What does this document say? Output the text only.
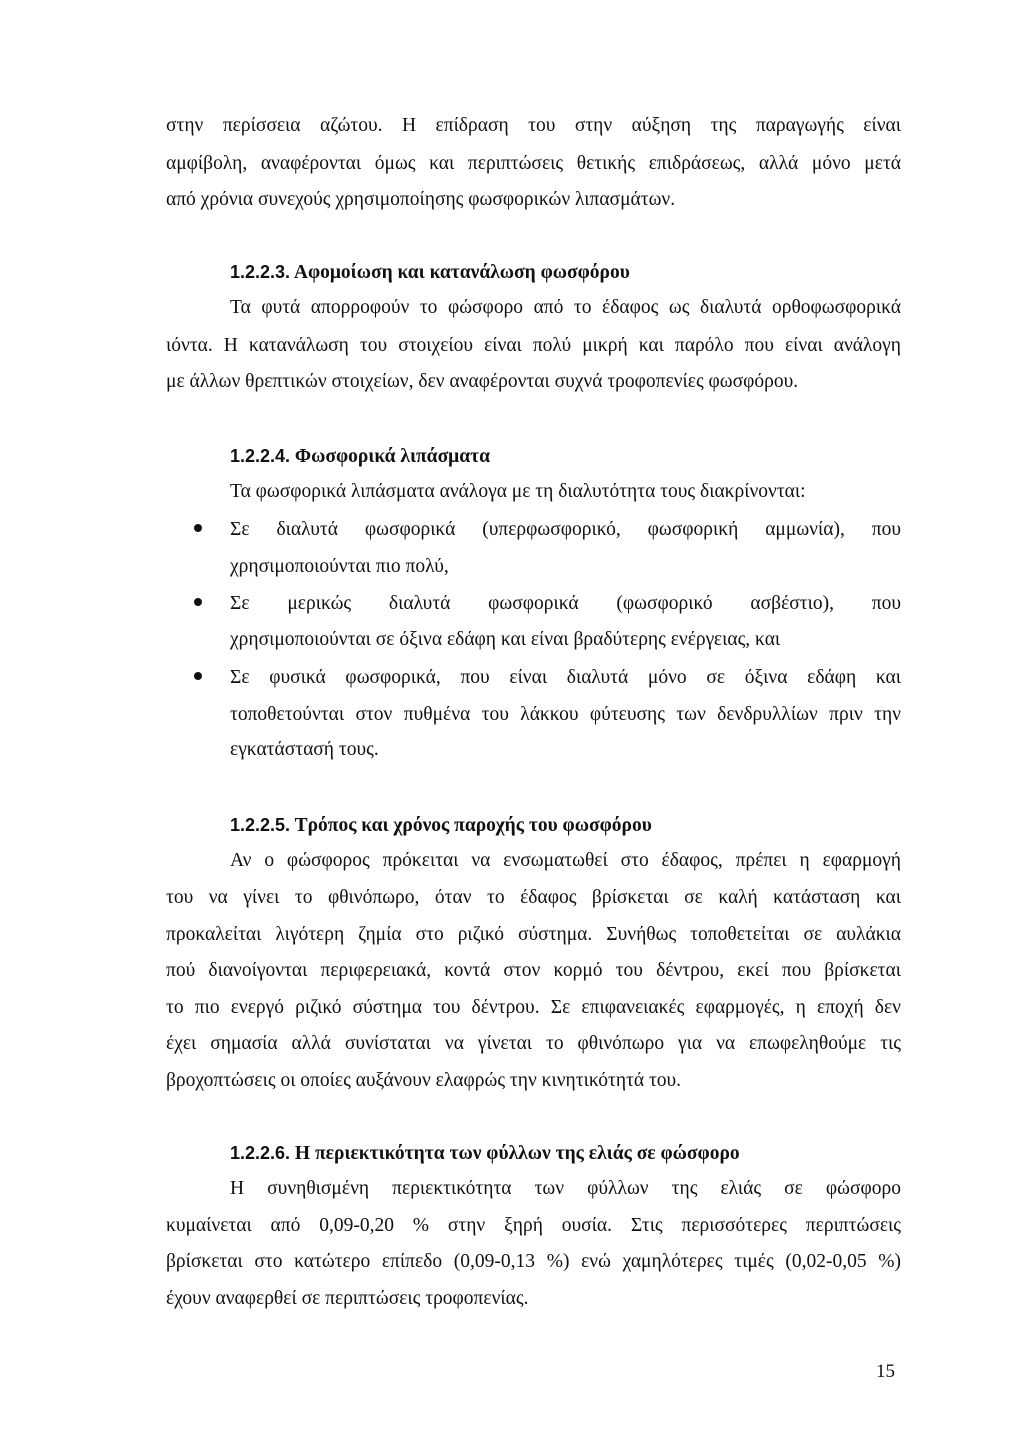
στην περίσσεια αζώτου. Η επίδραση του στην αύξηση της παραγωγής είναι
αμφίβολη, αναφέρονται όμως και περιπτώσεις θετικής επιδράσεως, αλλά μόνο μετά
από χρόνια συνεχούς χρησιμοποίησης φωσφορικών λιπασμάτων.
1.2.2.3. Αφομοίωση και κατανάλωση φωσφόρου
Τα φυτά απορροφούν το φώσφορο από το έδαφος ως διαλυτά ορθοφωσφορικά
ιόντα. Η κατανάλωση του στοιχείου είναι πολύ μικρή και παρόλο που είναι ανάλογη
με άλλων θρεπτικών στοιχείων, δεν αναφέρονται συχνά τροφοπενίες φωσφόρου.
1.2.2.4. Φωσφορικά λιπάσματα
Τα φωσφορικά λιπάσματα ανάλογα με τη διαλυτότητα τους διακρίνονται:
Σε διαλυτά φωσφορικά (υπερφωσφορικό, φωσφορική αμμωνία), που
χρησιμοποιούνται πιο πολύ,
Σε μερικώς διαλυτά φωσφορικά (φωσφορικό ασβέστιο), που
χρησιμοποιούνται σε όξινα εδάφη και είναι βραδύτερης ενέργειας, και
Σε φυσικά φωσφορικά, που είναι διαλυτά μόνο σε όξινα εδάφη και
τοποθετούνται στον πυθμένα του λάκκου φύτευσης των δενδρυλλίων πριν την
εγκατάστασή τους.
1.2.2.5. Τρόπος και χρόνος παροχής του φωσφόρου
Αν ο φώσφορος πρόκειται να ενσωματωθεί στο έδαφος, πρέπει η εφαρμογή
του να γίνει το φθινόπωρο, όταν το έδαφος βρίσκεται σε καλή κατάσταση και
προκαλείται λιγότερη ζημία στο ριζικό σύστημα. Συνήθως τοποθετείται σε αυλάκια
πού διανοίγονται περιφερειακά, κοντά στον κορμό του δέντρου, εκεί που βρίσκεται
το πιο ενεργό ριζικό σύστημα του δέντρου. Σε επιφανειακές εφαρμογές, η εποχή δεν
έχει σημασία αλλά συνίσταται να γίνεται το φθινόπωρο για να επωφεληθούμε τις
βροχοπτώσεις οι οποίες αυξάνουν ελαφρώς την κινητικότητά του.
1.2.2.6. Η περιεκτικότητα των φύλλων της ελιάς σε φώσφορο
Η συνηθισμένη περιεκτικότητα των φύλλων της ελιάς σε φώσφορο
κυμαίνεται από 0,09-0,20 % στην ξηρή ουσία. Στις περισσότερες περιπτώσεις
βρίσκεται στο κατώτερο επίπεδο (0,09-0,13 %) ενώ χαμηλότερες τιμές (0,02-0,05 %)
έχουν αναφερθεί σε περιπτώσεις τροφοπενίας.
15
